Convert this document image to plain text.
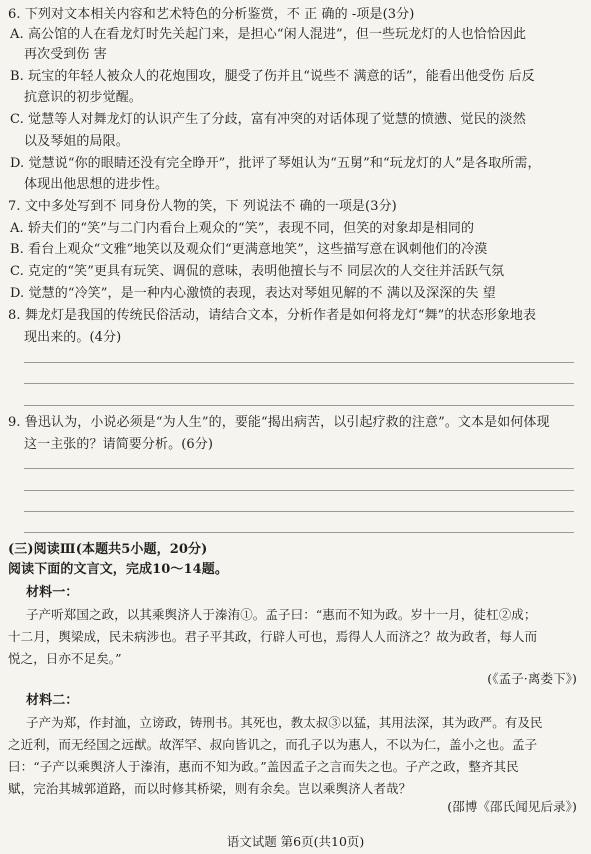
6. 下列对文本相关内容和艺术特色的分析鉴赏，不 正 确的 -项是(3分)
A. 高公馆的人在看龙灯时先关起门来，是担心“闲人混进”，但一些玩龙灯的人也恰恰因此
再次受到伤 害
B. 玩宝的年轻人被众人的花炮围攻，腿受了伤并且“说些不 满意的话”，能看出他受伤 后反
抗意识的初步觉醒。
C. 觉慧等人对舞龙灯的认识产生了分歧，富有冲突的对话体现了觉慧的愤懑、觉民的淡然
以及琴姐的局限。
D. 觉慧说“你的眼睛还没有完全睁开”，批评了琴姐认为“五舅”和“玩龙灯的人”是各取所需，
体现出他思想的进步性。
7. 文中多处写到不 同身份人物的笑，下 列说法不 确的一项是(3分)
A. 轿夫们的“笑”与二门内看台上观众的“笑”，表现不同，但笑的对象却是相同的
B. 看台上观众“文雅”地笑以及观众们“更满意地笑”，这些描写意在讽刺他们的冷漠
C. 克定的“笑”更具有玩笑、调侃的意味，表明他擅长与不 同层次的人交往并活跃气氛
D. 觉慧的“冷笑”，是一种内心激愤的表现，表达对琴姐见解的不 满以及深深的失 望
8. 舞龙灯是我国的传统民俗活动，请结合文本，分析作者是如何将龙灯“舞”的状态形象地表
现出来的。(4分)
9. 鲁迅认为，小说必须是“为人生”的，要能“揭出病苦，以引起疗救的注意”。文本是如何体现
这一主张的？请简要分析。(6分)
(三)阅读Ⅲ(本题共5小题，20分)
阅读下面的文言文，完成10～14题。
材料一：
子产听郑国之政，以其乘舆济人于溱洧①。孟子曰：“惠而不知为政。岁十一月，徒杠②成；
十二月，舆梁成，民未病涉也。君子平其政，行辟人可也，焉得人人而济之？故为政者，每人而
悦之，日亦不足矣。”
(《孟子·离娄下》)
材料二：
子产为郑，作封洫，立谤政，铸刑书。其死也，教太叔③以猛，其用法深，其为政严。有及民
之近利，而无经国之远猷。故浑罕、叔向皆讥之，而孔子以为惠人，不以为仁，盖小之也。孟子
曰：“子产以乘舆济人于溱洧，惠而不知为政。”盖因孟子之言而失之也。子产之政，整齐其民
赋，完治其城郭道路，而以时修其桥梁，则有余矣。岂以乘舆济人者哉？
(邵博《邵氏闻见后录》)
语文试题 第6页(共10页)
